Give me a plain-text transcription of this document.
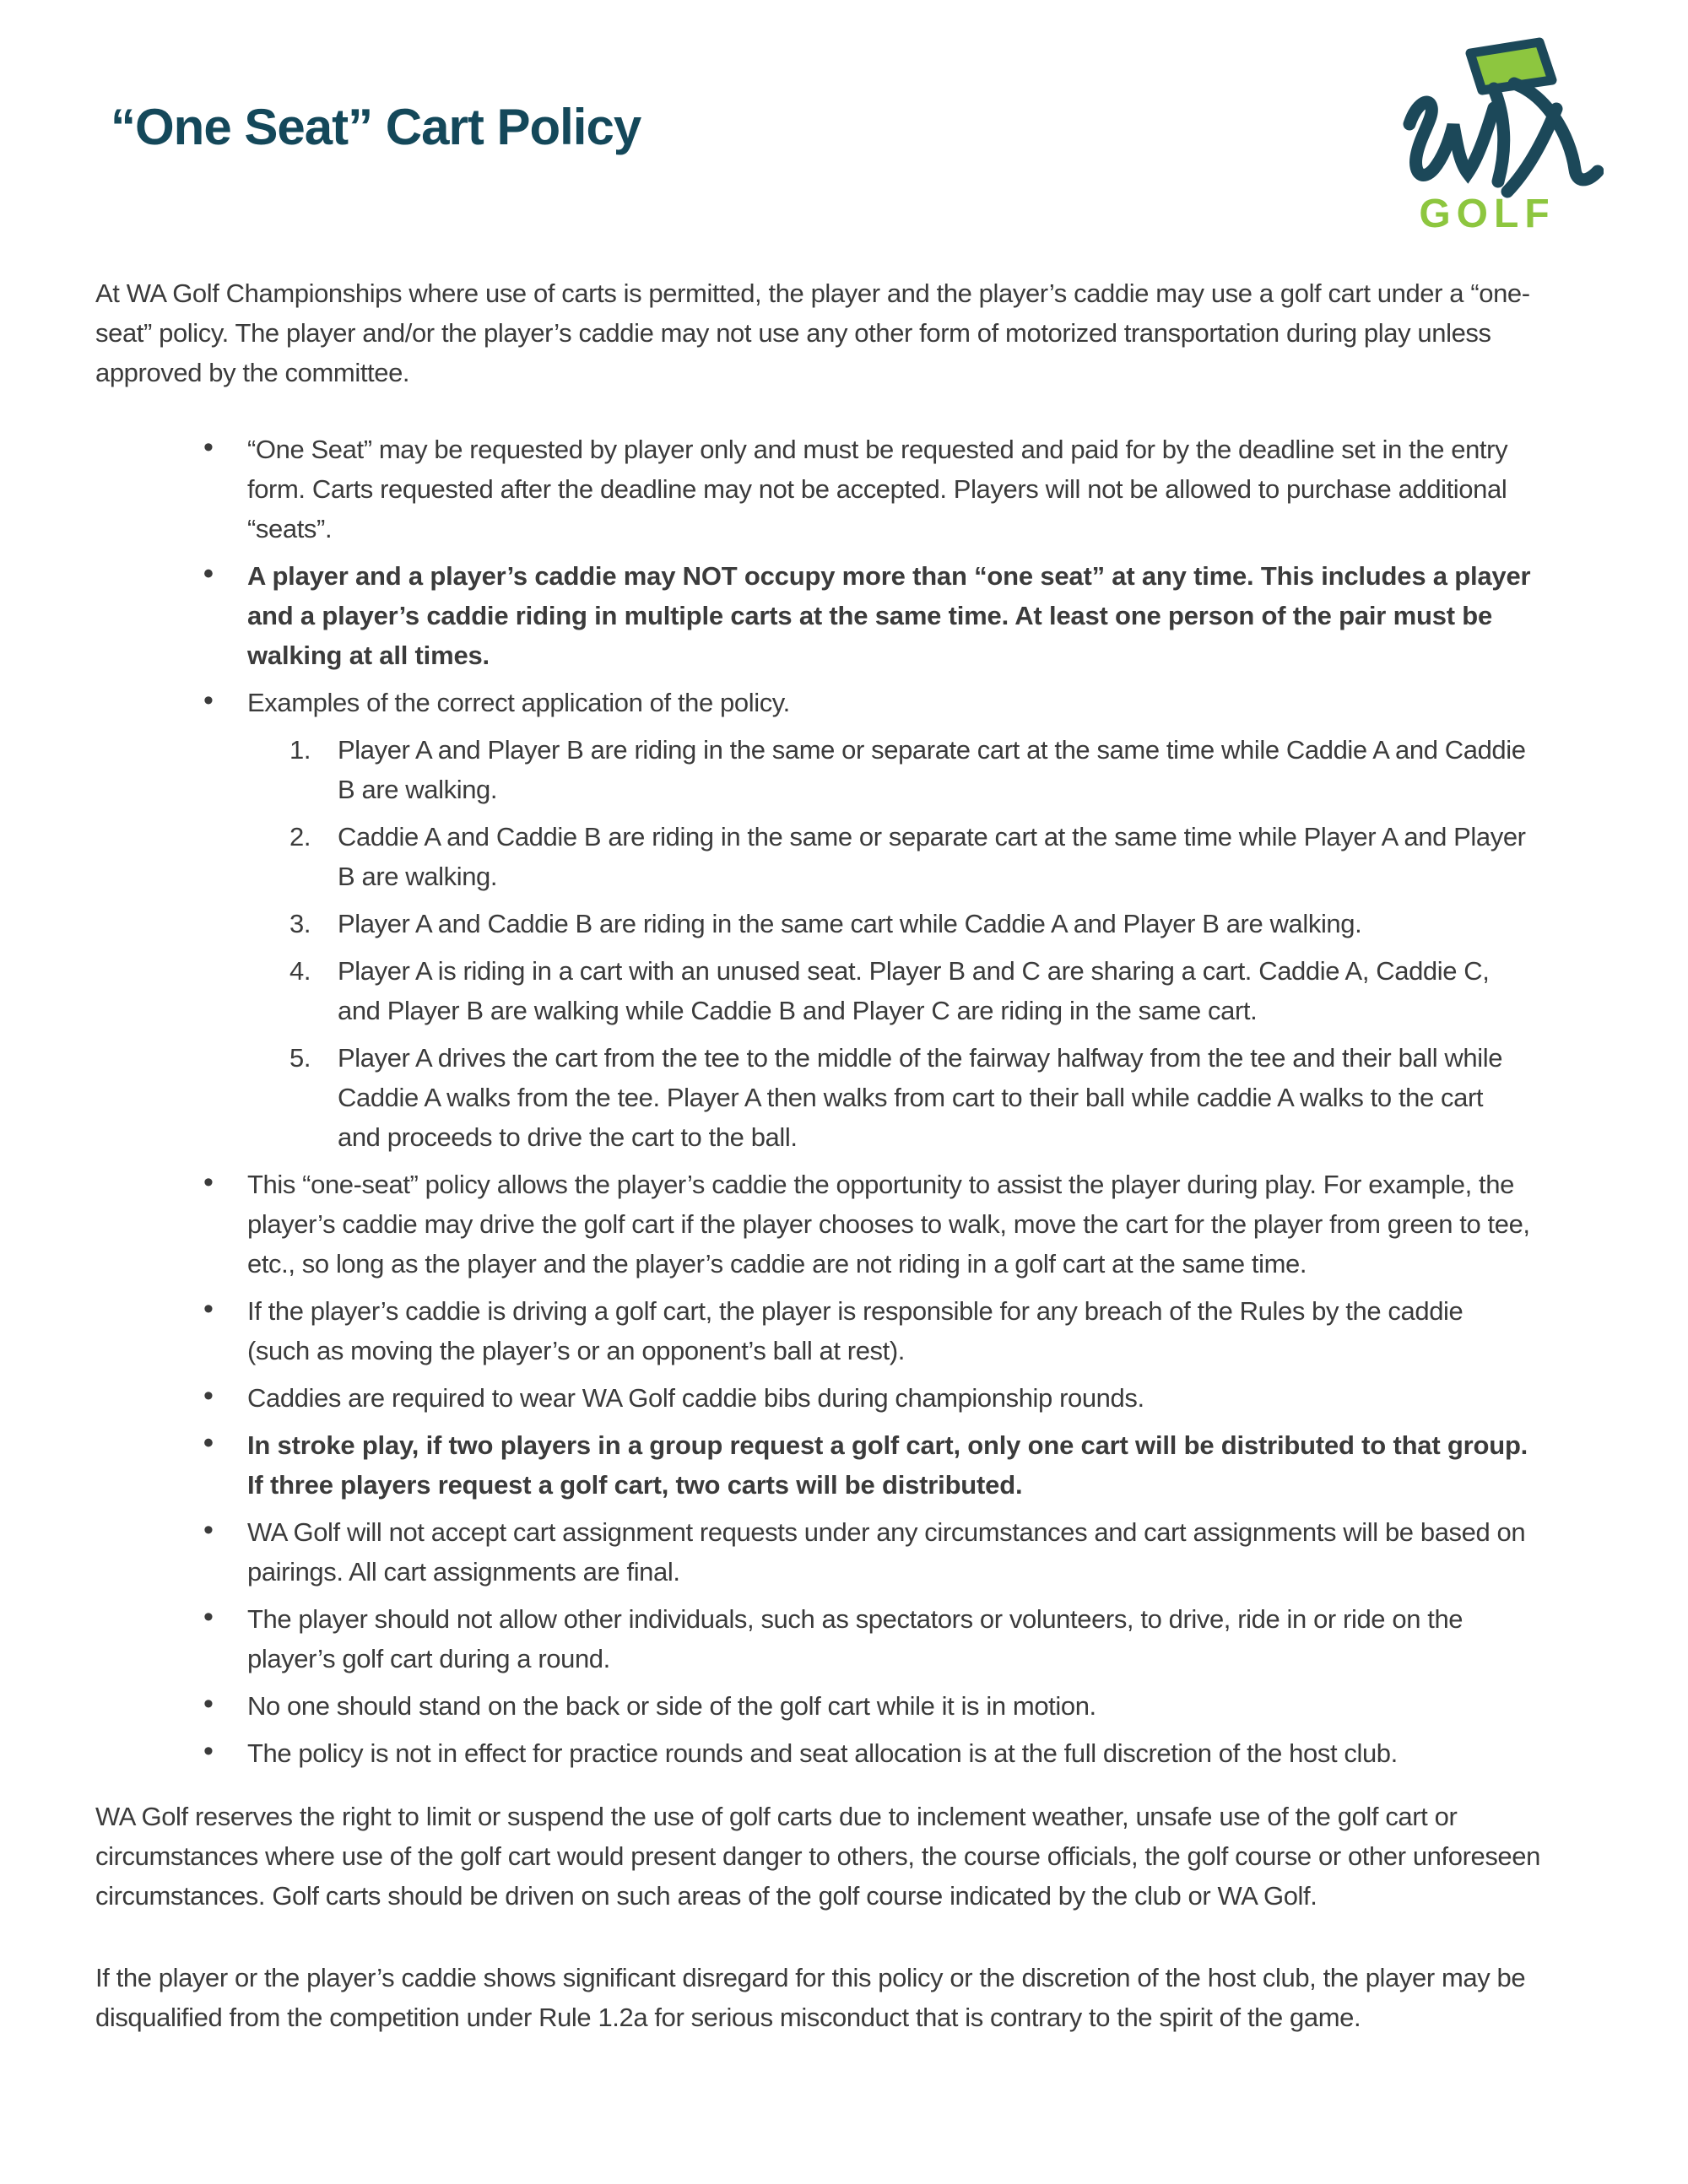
“One Seat” Cart Policy
GOLF

At WA Golf Championships where use of carts is permitted, the player and the player’s caddie may use a golf cart under a “one-seat” policy. The player and/or the player’s caddie may not use any other form of motorized transportation during play unless approved by the committee.

• “One Seat” may be requested by player only and must be requested and paid for by the deadline set in the entry form. Carts requested after the deadline may not be accepted. Players will not be allowed to purchase additional “seats”.
• A player and a player’s caddie may NOT occupy more than “one seat” at any time. This includes a player and a player’s caddie riding in multiple carts at the same time. At least one person of the pair must be walking at all times.
• Examples of the correct application of the policy.
1. Player A and Player B are riding in the same or separate cart at the same time while Caddie A and Caddie B are walking.
2. Caddie A and Caddie B are riding in the same or separate cart at the same time while Player A and Player B are walking.
3. Player A and Caddie B are riding in the same cart while Caddie A and Player B are walking.
4. Player A is riding in a cart with an unused seat. Player B and C are sharing a cart. Caddie A, Caddie C, and Player B are walking while Caddie B and Player C are riding in the same cart.
5. Player A drives the cart from the tee to the middle of the fairway halfway from the tee and their ball while Caddie A walks from the tee. Player A then walks from cart to their ball while caddie A walks to the cart and proceeds to drive the cart to the ball.
• This “one-seat” policy allows the player’s caddie the opportunity to assist the player during play. For example, the player’s caddie may drive the golf cart if the player chooses to walk, move the cart for the player from green to tee, etc., so long as the player and the player’s caddie are not riding in a golf cart at the same time.
• If the player’s caddie is driving a golf cart, the player is responsible for any breach of the Rules by the caddie (such as moving the player’s or an opponent’s ball at rest).
• Caddies are required to wear WA Golf caddie bibs during championship rounds.
• In stroke play, if two players in a group request a golf cart, only one cart will be distributed to that group. If three players request a golf cart, two carts will be distributed.
• WA Golf will not accept cart assignment requests under any circumstances and cart assignments will be based on pairings. All cart assignments are final.
• The player should not allow other individuals, such as spectators or volunteers, to drive, ride in or ride on the player’s golf cart during a round.
• No one should stand on the back or side of the golf cart while it is in motion.
• The policy is not in effect for practice rounds and seat allocation is at the full discretion of the host club.

WA Golf reserves the right to limit or suspend the use of golf carts due to inclement weather, unsafe use of the golf cart or circumstances where use of the golf cart would present danger to others, the course officials, the golf course or other unforeseen circumstances. Golf carts should be driven on such areas of the golf course indicated by the club or WA Golf.

If the player or the player’s caddie shows significant disregard for this policy or the discretion of the host club, the player may be disqualified from the competition under Rule 1.2a for serious misconduct that is contrary to the spirit of the game.
